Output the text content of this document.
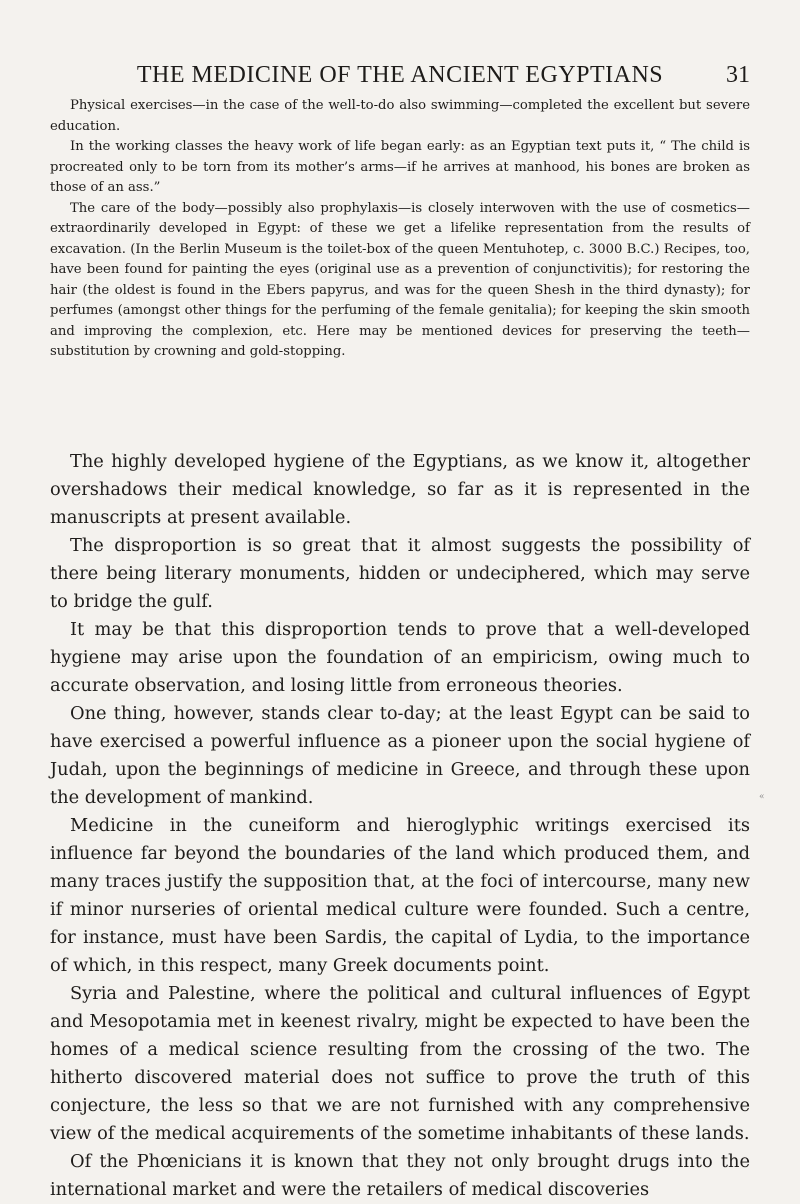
THE MEDICINE OF THE ANCIENT EGYPTIANS	31

Physical exercises—in the case of the well-to-do also swimming—completed the excellent but severe education.

In the working classes the heavy work of life began early: as an Egyptian text puts it, “ The child is procreated only to be torn from its mother’s arms—if he arrives at manhood, his bones are broken as those of an ass.”

The care of the body—possibly also prophylaxis—is closely interwoven with the use of cosmetics—extraordinarily developed in Egypt: of these we get a lifelike representation from the results of excavation. (In the Berlin Museum is the toilet-box of the queen Mentuhotep, c. 3000 B.C.) Recipes, too, have been found for painting the eyes (original use as a prevention of conjunctivitis); for restoring the hair (the oldest is found in the Ebers papyrus, and was for the queen Shesh in the third dynasty); for perfumes (amongst other things for the perfuming of the female genitalia); for keeping the skin smooth and improving the complexion, etc. Here may be mentioned devices for preserving the teeth—substitution by crowning and gold-stopping.

The highly developed hygiene of the Egyptians, as we know it, altogether overshadows their medical knowledge, so far as it is represented in the manuscripts at present available.

The disproportion is so great that it almost suggests the possibility of there being literary monuments, hidden or undeciphered, which may serve to bridge the gulf.

It may be that this disproportion tends to prove that a well-developed hygiene may arise upon the foundation of an empiricism, owing much to accurate observation, and losing little from erroneous theories.

One thing, however, stands clear to-day; at the least Egypt can be said to have exercised a powerful influence as a pioneer upon the social hygiene of Judah, upon the beginnings of medicine in Greece, and through these upon the development of mankind.

Medicine in the cuneiform and hieroglyphic writings exercised its influence far beyond the boundaries of the land which produced them, and many traces justify the supposition that, at the foci of intercourse, many new if minor nurseries of oriental medical culture were founded. Such a centre, for instance, must have been Sardis, the capital of Lydia, to the importance of which, in this respect, many Greek documents point.

Syria and Palestine, where the political and cultural influences of Egypt and Mesopotamia met in keenest rivalry, might be expected to have been the homes of a medical science resulting from the crossing of the two. The hitherto discovered material does not suffice to prove the truth of this conjecture, the less so that we are not furnished with any comprehensive view of the medical acquirements of the sometime inhabitants of these lands.

Of the Phœnicians it is known that they not only brought drugs into the international market and were the retailers of medical discoveries

«
